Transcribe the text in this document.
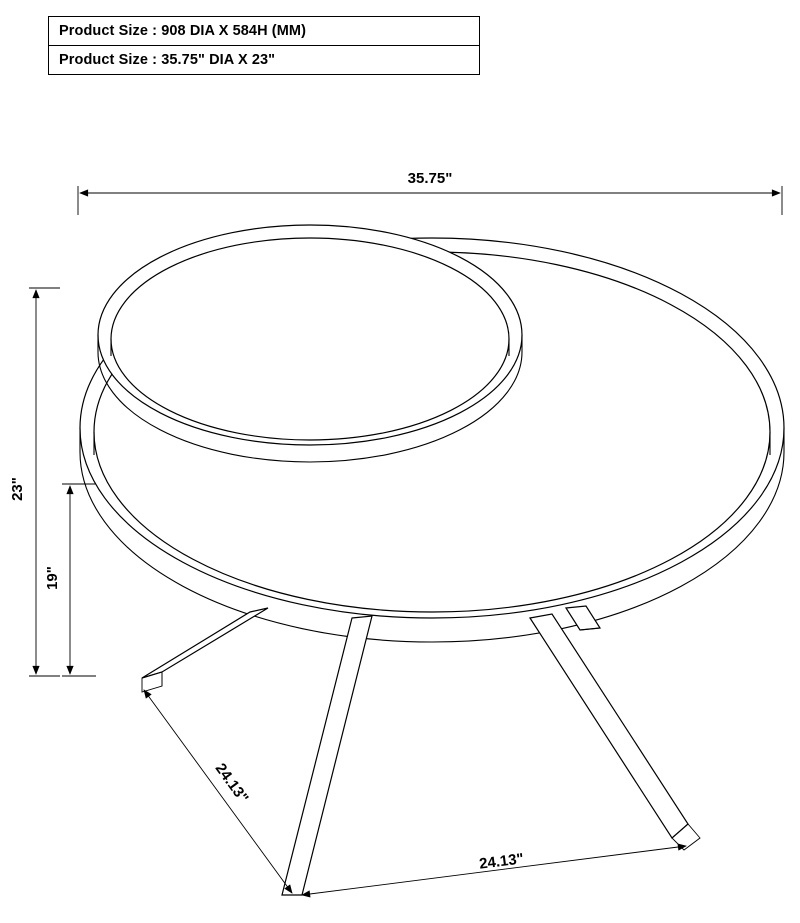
Product Size : 908 DIA X 584H (MM)
Product Size : 35.75" DIA X 23"
35.75"
23"
19"
24.13"
24.13"
